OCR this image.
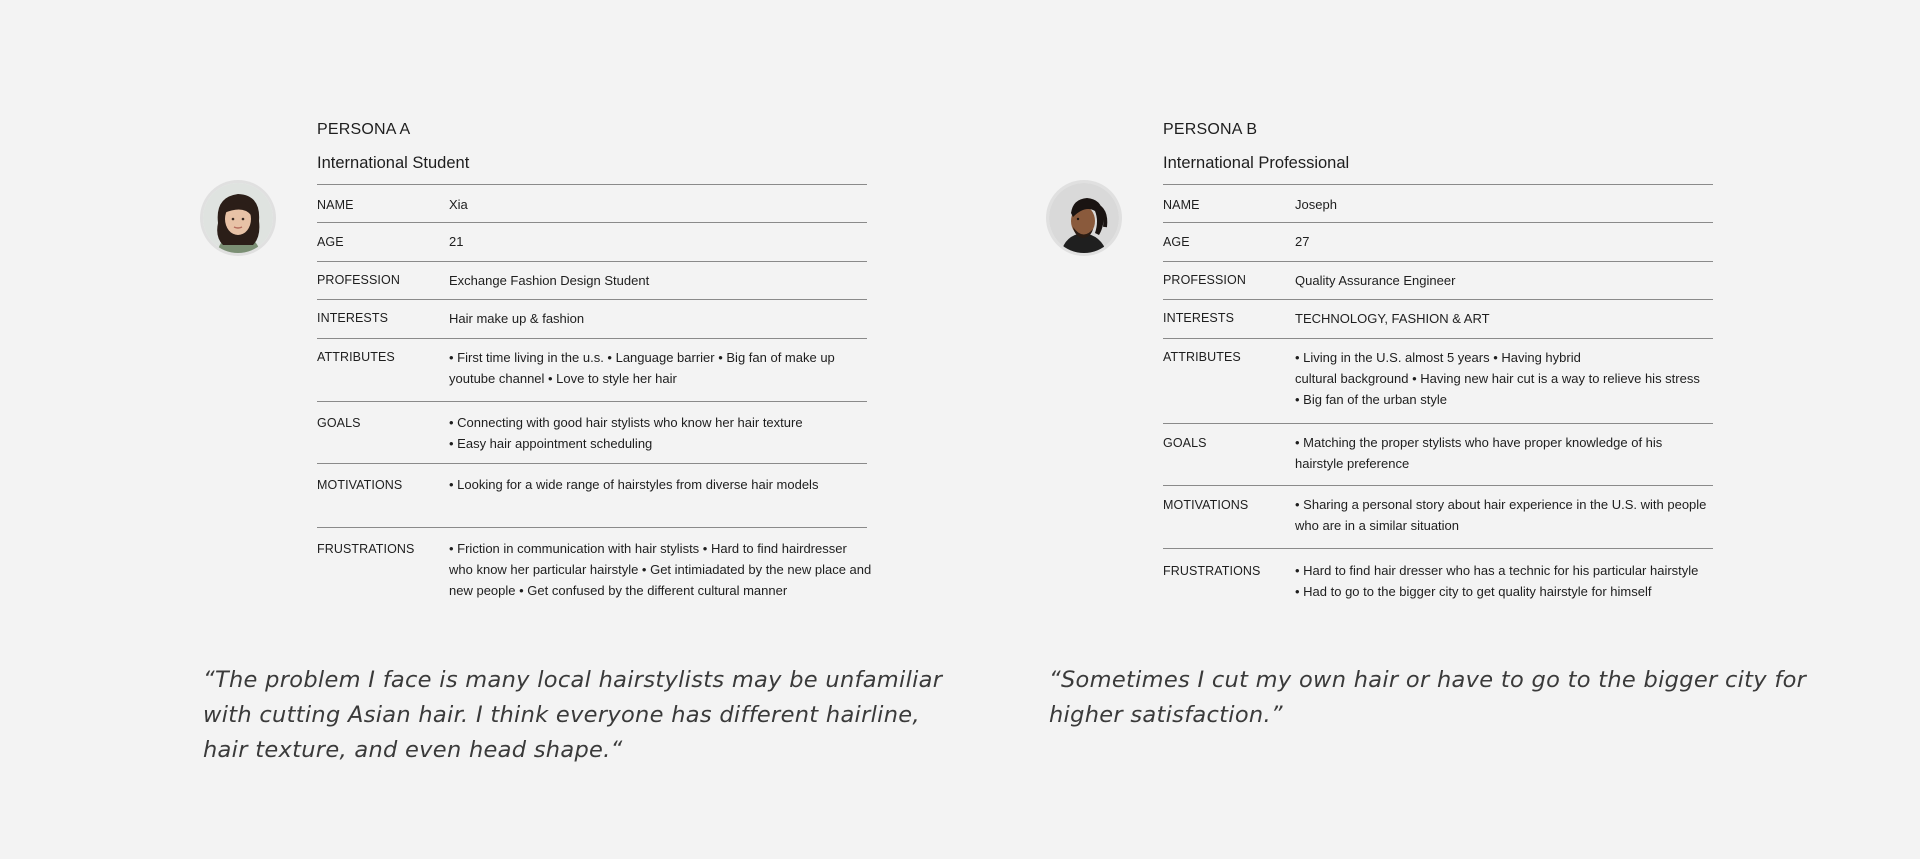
PERSONA A
International Student
NAME	Xia
AGE	21
PROFESSION	Exchange Fashion Design Student
INTERESTS	Hair make up & fashion
ATTRIBUTES	• First time living in the u.s. • Language barrier • Big fan of make up
youtube channel • Love to style her hair
GOALS	• Connecting with good hair stylists who know her hair texture
• Easy hair appointment scheduling
MOTIVATIONS	• Looking for a wide range of hairstyles from diverse hair models
FRUSTRATIONS	• Friction in communication with hair stylists • Hard to find hairdresser
who know her particular hairstyle • Get intimiadated by the new place and
new people • Get confused by the different cultural manner
“The problem I face is many local hairstylists may be unfamiliar
with cutting Asian hair. I think everyone has different hairline,
hair texture, and even head shape.“
PERSONA B
International Professional
NAME	Joseph
AGE	27
PROFESSION	Quality Assurance Engineer
INTERESTS	TECHNOLOGY, FASHION & ART
ATTRIBUTES	• Living in the U.S. almost 5 years • Having hybrid
cultural background • Having new hair cut is a way to relieve his stress
• Big fan of the urban style
GOALS	• Matching the proper stylists who have proper knowledge of his
hairstyle preference
MOTIVATIONS	• Sharing a personal story about hair experience in the U.S. with people
who are in a similar situation
FRUSTRATIONS	• Hard to find hair dresser who has a technic for his particular hairstyle
• Had to go to the bigger city to get quality hairstyle for himself
“Sometimes I cut my own hair or have to go to the bigger city for
higher satisfaction.”
